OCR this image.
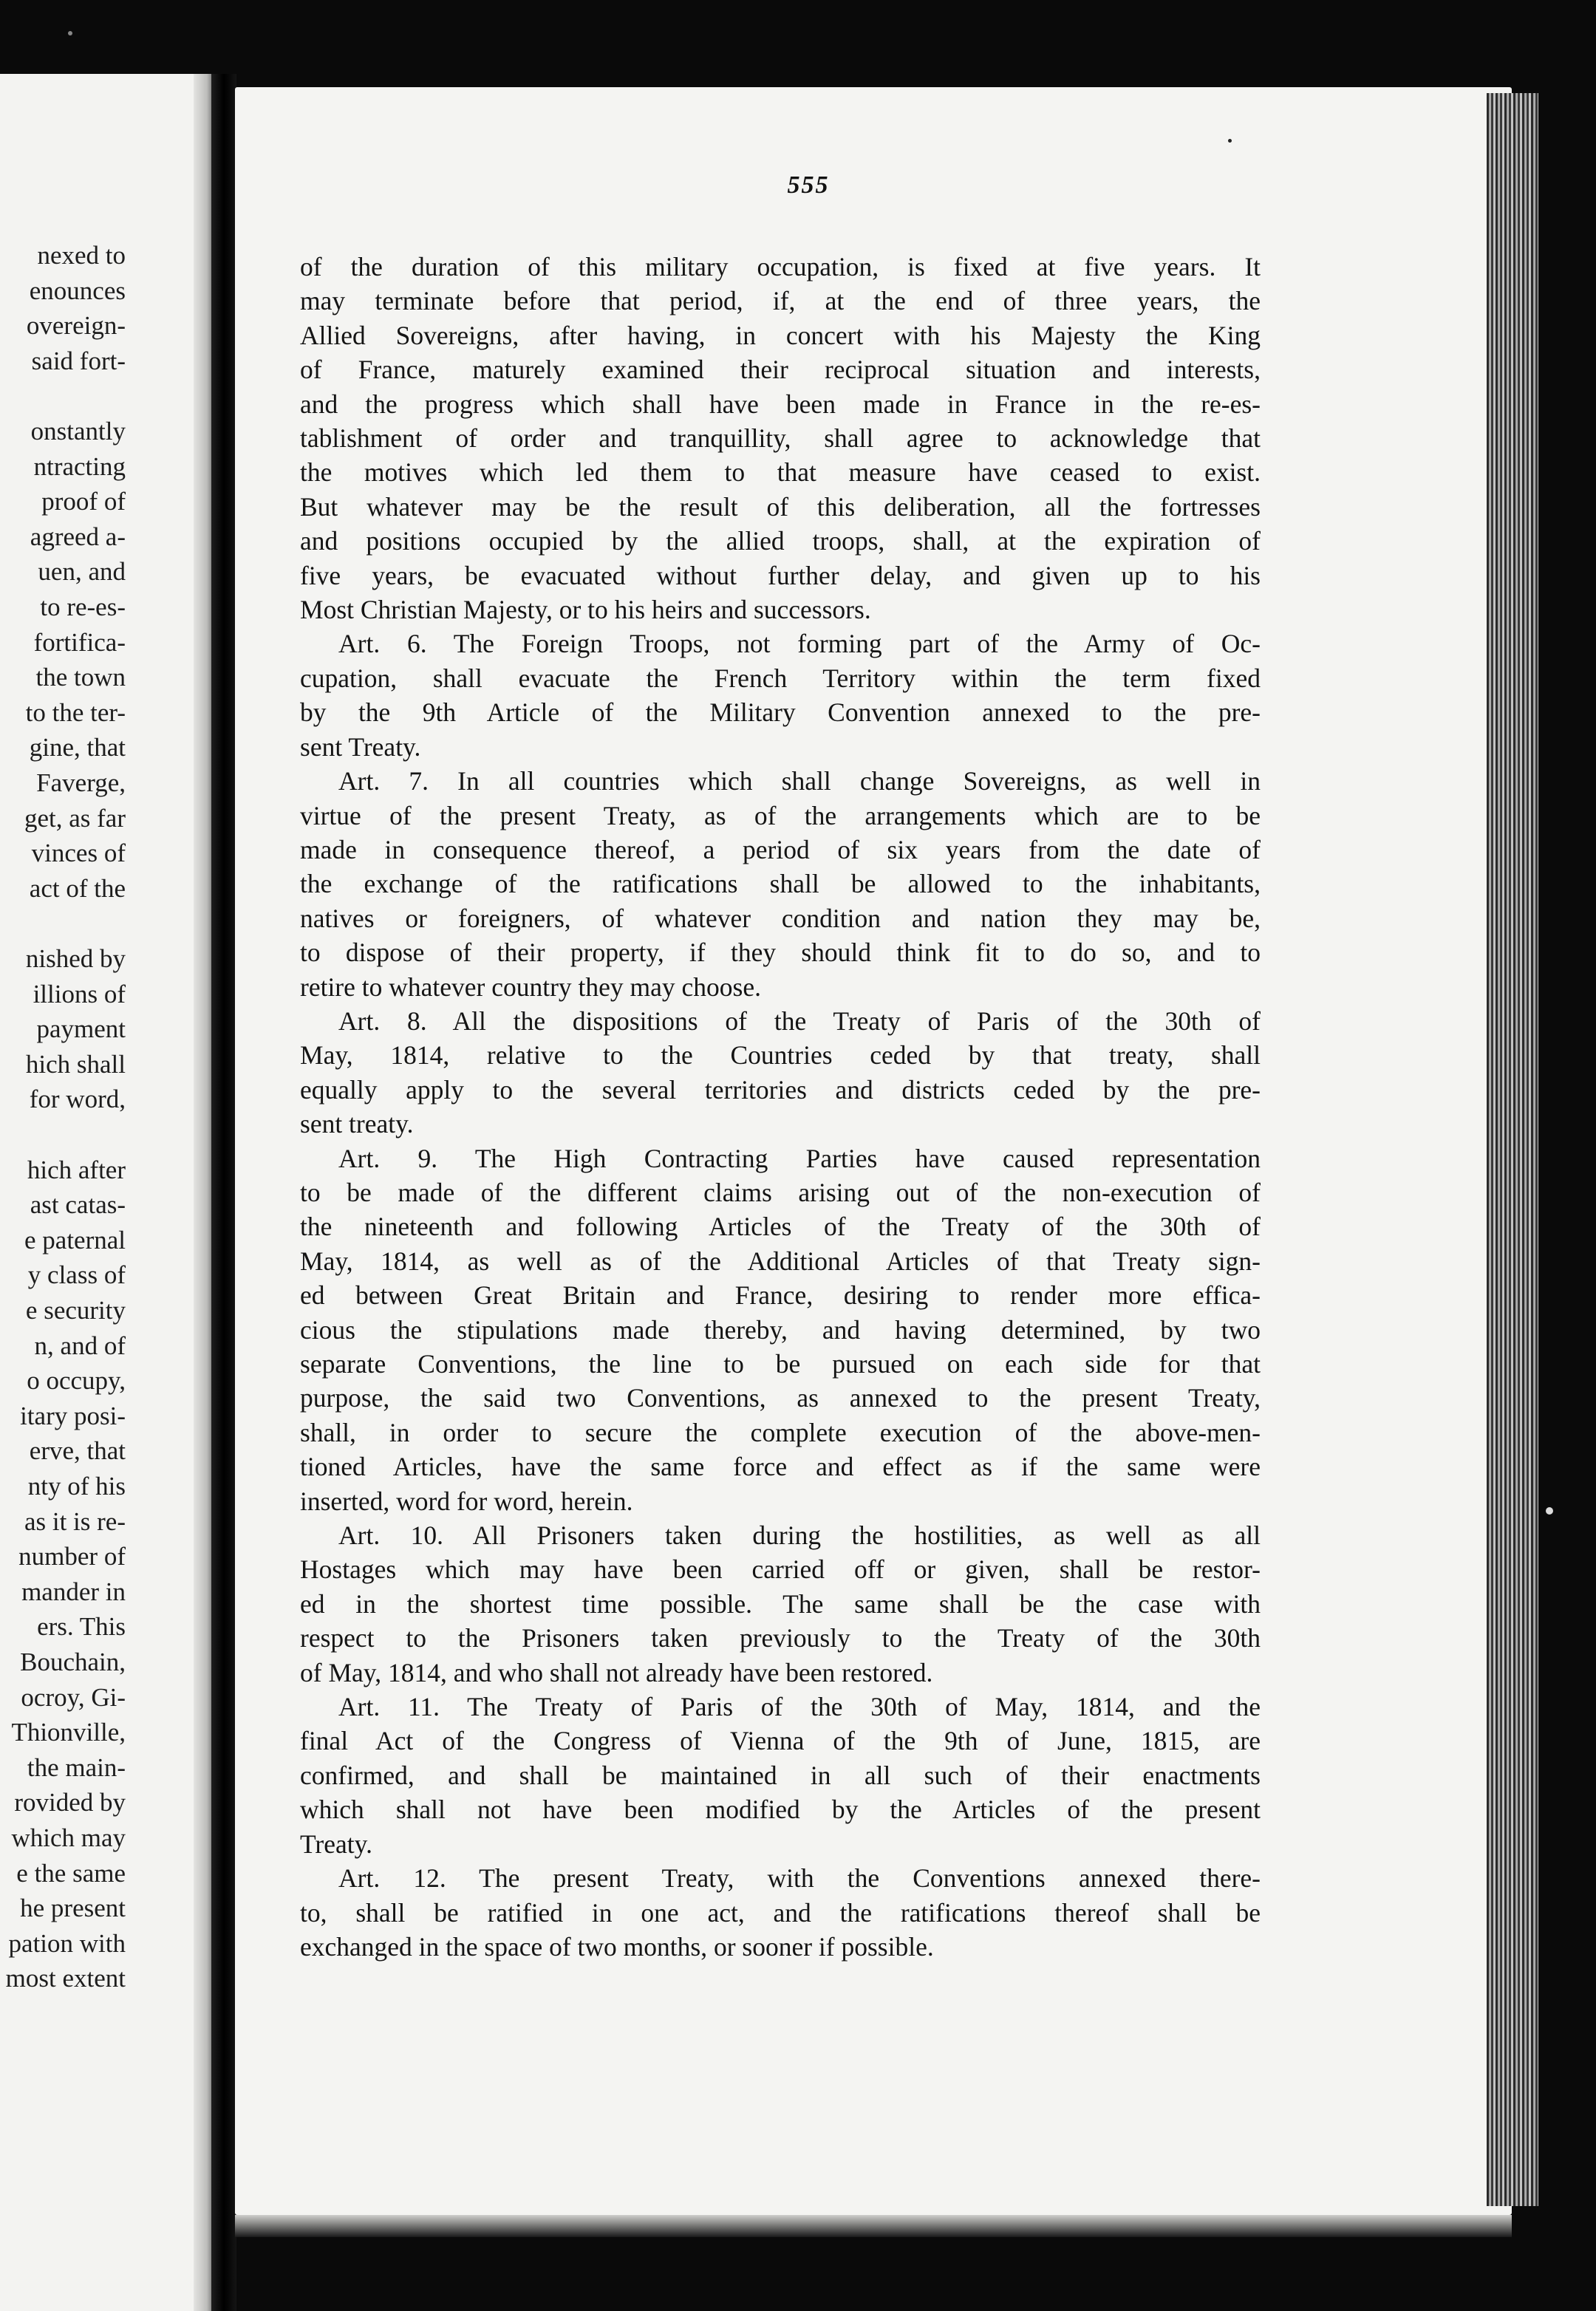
nexed to
enounces
overeign-
said fort-
onstantly
ntracting
proof of
agreed a-
uen, and
to re-es-
fortifica-
the town
to the ter-
gine, that
Faverge,
get, as far
vinces of
act of the
nished by
illions of
payment
hich shall
for word,
hich after
ast catas-
e paternal
y class of
e security
n, and of
o occupy,
itary posi-
erve, that
nty of his
as it is re-
number of
mander in
ers. This
Bouchain,
ocroy, Gi-
Thionville,
the main-
rovided by
which may
e the same
he present
pation with
most extent
555
of the duration of this military occupation, is fixed at five years. It
may terminate before that period, if, at the end of three years, the
Allied Sovereigns, after having, in concert with his Majesty the King
of France, maturely examined their reciprocal situation and interests,
and the progress which shall have been made in France in the re-es-
tablishment of order and tranquillity, shall agree to acknowledge that
the motives which led them to that measure have ceased to exist.
But whatever may be the result of this deliberation, all the fortresses
and positions occupied by the allied troops, shall, at the expiration of
five years, be evacuated without further delay, and given up to his
Most Christian Majesty, or to his heirs and successors.
Art. 6. The Foreign Troops, not forming part of the Army of Oc-
cupation, shall evacuate the French Territory within the term fixed
by the 9th Article of the Military Convention annexed to the pre-
sent Treaty.
Art. 7. In all countries which shall change Sovereigns, as well in
virtue of the present Treaty, as of the arrangements which are to be
made in consequence thereof, a period of six years from the date of
the exchange of the ratifications shall be allowed to the inhabitants,
natives or foreigners, of whatever condition and nation they may be,
to dispose of their property, if they should think fit to do so, and to
retire to whatever country they may choose.
Art. 8. All the dispositions of the Treaty of Paris of the 30th of
May, 1814, relative to the Countries ceded by that treaty, shall
equally apply to the several territories and districts ceded by the pre-
sent treaty.
Art. 9. The High Contracting Parties have caused representation
to be made of the different claims arising out of the non-execution of
the nineteenth and following Articles of the Treaty of the 30th of
May, 1814, as well as of the Additional Articles of that Treaty sign-
ed between Great Britain and France, desiring to render more effica-
cious the stipulations made thereby, and having determined, by two
separate Conventions, the line to be pursued on each side for that
purpose, the said two Conventions, as annexed to the present Treaty,
shall, in order to secure the complete execution of the above-men-
tioned Articles, have the same force and effect as if the same were
inserted, word for word, herein.
Art. 10. All Prisoners taken during the hostilities, as well as all
Hostages which may have been carried off or given, shall be restor-
ed in the shortest time possible. The same shall be the case with
respect to the Prisoners taken previously to the Treaty of the 30th
of May, 1814, and who shall not already have been restored.
Art. 11. The Treaty of Paris of the 30th of May, 1814, and the
final Act of the Congress of Vienna of the 9th of June, 1815, are
confirmed, and shall be maintained in all such of their enactments
which shall not have been modified by the Articles of the present
Treaty.
Art. 12. The present Treaty, with the Conventions annexed there-
to, shall be ratified in one act, and the ratifications thereof shall be
exchanged in the space of two months, or sooner if possible.
